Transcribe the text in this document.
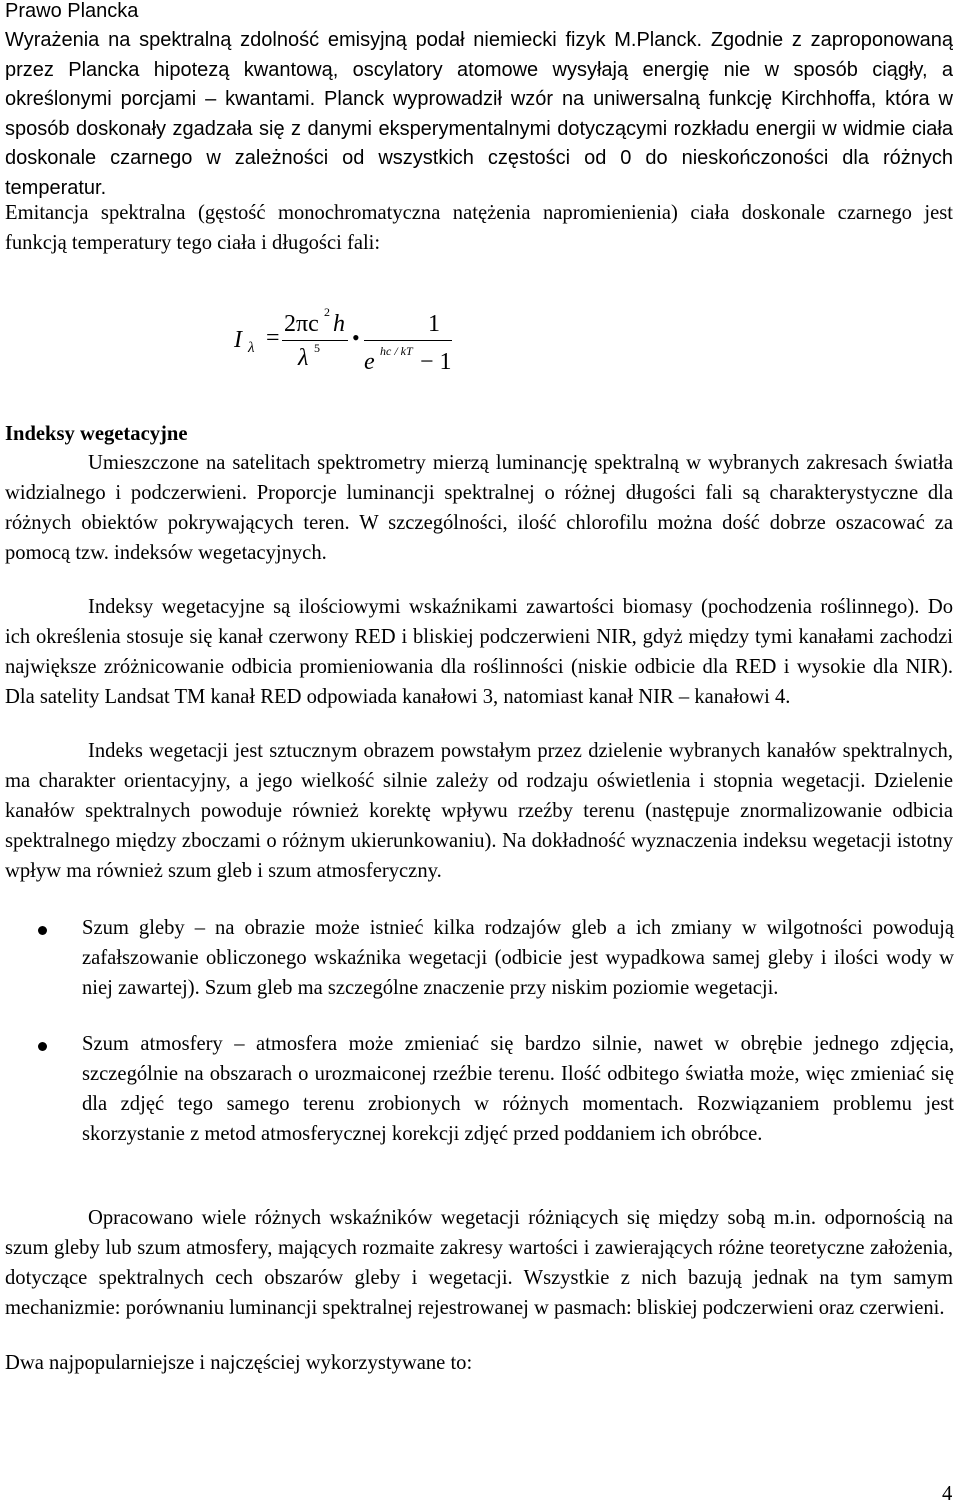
Prawo Plancka
Wyrażenia na spektralną zdolność emisyjną podał niemiecki fizyk M.Planck. Zgodnie z zaproponowaną przez Plancka hipotezą kwantową, oscylatory atomowe wysyłają energię nie w sposób ciągły, a określonymi porcjami – kwantami. Planck wyprowadził wzór na uniwersalną funkcję Kirchhoffa, która w sposób doskonały zgadzała się z danymi eksperymentalnymi dotyczącymi rozkładu energii w widmie ciała doskonale czarnego w zależności od wszystkich częstości od 0 do nieskończoności dla różnych temperatur.
Emitancja spektralna (gęstość monochromatyczna natężenia napromienienia) ciała doskonale czarnego jest funkcją temperatury tego ciała i długości fali:
I λ =
2πc 2 h
λ 5 •
1
e hc / kT − 1
Indeksy wegetacyjne
Umieszczone na satelitach spektrometry mierzą luminancję spektralną w wybranych zakresach światła widzialnego i podczerwieni. Proporcje luminancji spektralnej o różnej długości fali są charakterystyczne dla różnych obiektów pokrywających teren. W szczególności, ilość chlorofilu można dość dobrze oszacować za pomocą tzw. indeksów wegetacyjnych.
Indeksy wegetacyjne są ilościowymi wskaźnikami zawartości biomasy (pochodzenia roślinnego). Do ich określenia stosuje się kanał czerwony RED i bliskiej podczerwieni NIR, gdyż między tymi kanałami zachodzi największe zróżnicowanie odbicia promieniowania dla roślinności (niskie odbicie dla RED i wysokie dla NIR). Dla satelity Landsat TM kanał RED odpowiada kanałowi 3, natomiast kanał NIR – kanałowi 4.
Indeks wegetacji jest sztucznym obrazem powstałym przez dzielenie wybranych kanałów spektralnych, ma charakter orientacyjny, a jego wielkość silnie zależy od rodzaju oświetlenia i stopnia wegetacji. Dzielenie kanałów spektralnych powoduje również korektę wpływu rzeźby terenu (następuje znormalizowanie odbicia spektralnego między zboczami o różnym ukierunkowaniu). Na dokładność wyznaczenia indeksu wegetacji istotny wpływ ma również szum gleb i szum atmosferyczny.
Szum gleby – na obrazie może istnieć kilka rodzajów gleb a ich zmiany w wilgotności powodują zafałszowanie obliczonego wskaźnika wegetacji (odbicie jest wypadkowa samej gleby i ilości wody w niej zawartej). Szum gleb ma szczególne znaczenie przy niskim poziomie wegetacji.
Szum atmosfery – atmosfera może zmieniać się bardzo silnie, nawet w obrębie jednego zdjęcia, szczególnie na obszarach o urozmaiconej rzeźbie terenu. Ilość odbitego światła może, więc zmieniać się dla zdjęć tego samego terenu zrobionych w różnych momentach. Rozwiązaniem problemu jest skorzystanie z metod atmosferycznej korekcji zdjęć przed poddaniem ich obróbce.
Opracowano wiele różnych wskaźników wegetacji różniących się między sobą m.in. odpornością na szum gleby lub szum atmosfery, mających rozmaite zakresy wartości i zawierających różne teoretyczne założenia, dotyczące spektralnych cech obszarów gleby i wegetacji. Wszystkie z nich bazują jednak na tym samym mechanizmie: porównaniu luminancji spektralnej rejestrowanej w pasmach: bliskiej podczerwieni oraz czerwieni.
Dwa najpopularniejsze i najczęściej wykorzystywane to:
4
